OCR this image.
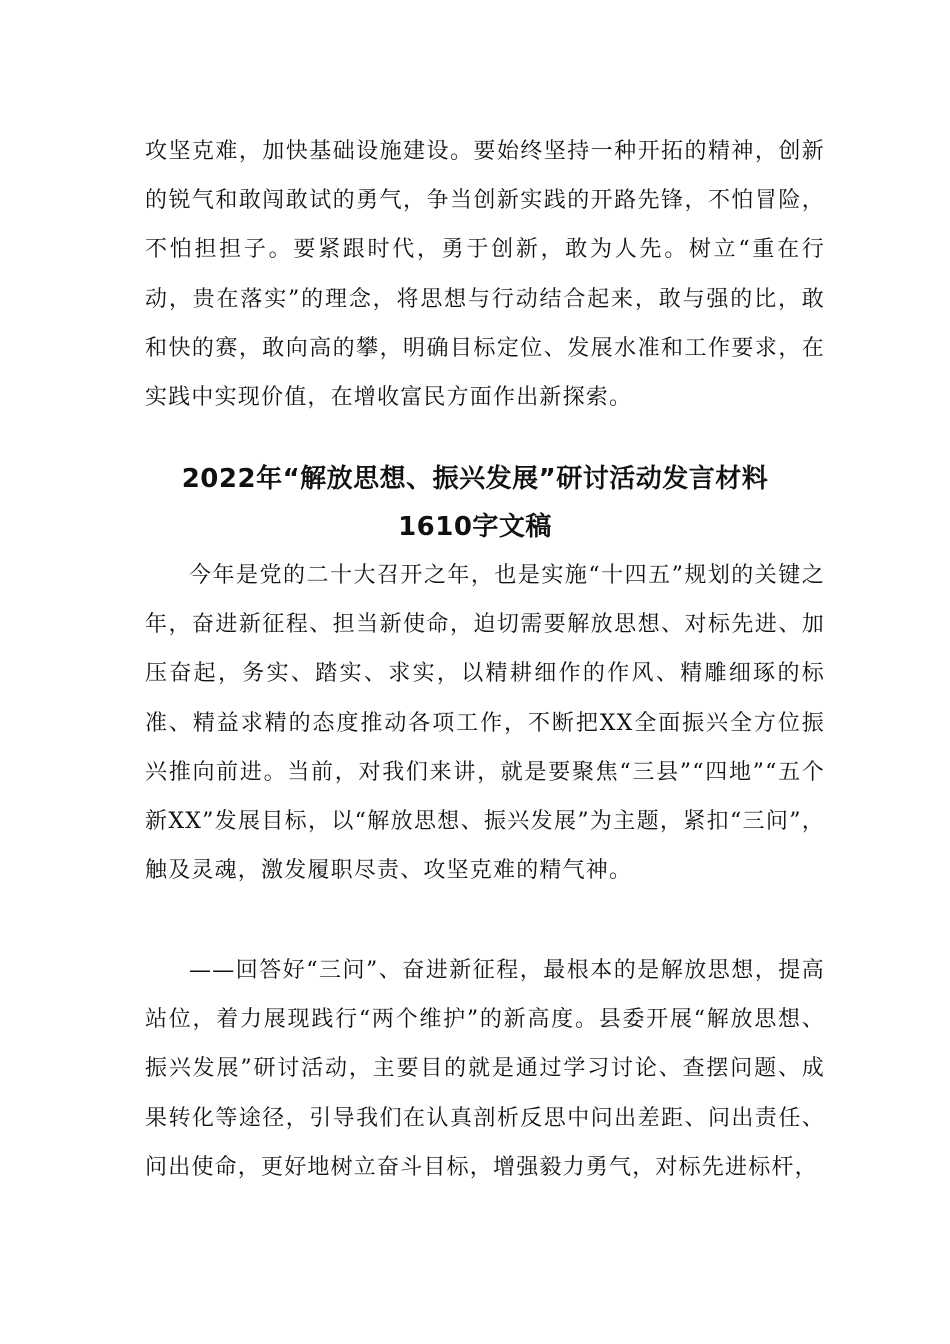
攻坚克难，加快基础设施建设。要始终坚持一种开拓的精神，创新的锐气和敢闯敢试的勇气，争当创新实践的开路先锋，不怕冒险，不怕担担子。要紧跟时代，勇于创新，敢为人先。树立“重在行动，贵在落实”的理念，将思想与行动结合起来，敢与强的比，敢和快的赛，敢向高的攀，明确目标定位、发展水准和工作要求，在实践中实现价值，在增收富民方面作出新探索。

2022年“解放思想、振兴发展”研讨活动发言材料
1610字文稿

今年是党的二十大召开之年，也是实施“十四五”规划的关键之年，奋进新征程、担当新使命，迫切需要解放思想、对标先进、加压奋起，务实、踏实、求实，以精耕细作的作风、精雕细琢的标准、精益求精的态度推动各项工作，不断把XX全面振兴全方位振兴推向前进。当前，对我们来讲，就是要聚焦“三县”“四地”“五个新XX”发展目标，以“解放思想、振兴发展”为主题，紧扣“三问”，触及灵魂，激发履职尽责、攻坚克难的精气神。

——回答好“三问”、奋进新征程，最根本的是解放思想，提高站位，着力展现践行“两个维护”的新高度。县委开展“解放思想、振兴发展”研讨活动，主要目的就是通过学习讨论、查摆问题、成果转化等途径，引导我们在认真剖析反思中问出差距、问出责任、问出使命，更好地树立奋斗目标，增强毅力勇气，对标先进标杆，
